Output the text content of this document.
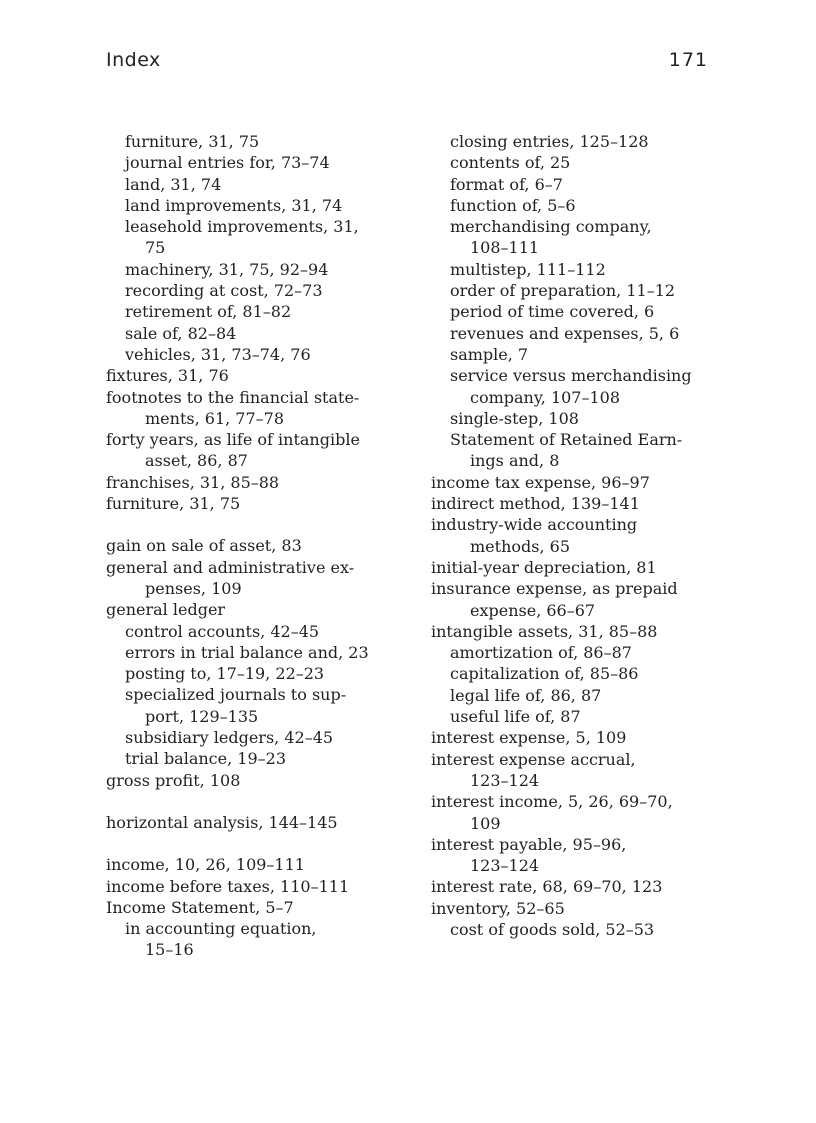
Index	171
furniture, 31, 75
journal entries for, 73–74
land, 31, 74
land improvements, 31, 74
leasehold improvements, 31,
75
machinery, 31, 75, 92–94
recording at cost, 72–73
retirement of, 81–82
sale of, 82–84
vehicles, 31, 73–74, 76
fixtures, 31, 76
footnotes to the financial state-
ments, 61, 77–78
forty years, as life of intangible
asset, 86, 87
franchises, 31, 85–88
furniture, 31, 75
gain on sale of asset, 83
general and administrative ex-
penses, 109
general ledger
control accounts, 42–45
errors in trial balance and, 23
posting to, 17–19, 22–23
specialized journals to sup-
port, 129–135
subsidiary ledgers, 42–45
trial balance, 19–23
gross profit, 108
horizontal analysis, 144–145
income, 10, 26, 109–111
income before taxes, 110–111
Income Statement, 5–7
in accounting equation,
15–16
closing entries, 125–128
contents of, 25
format of, 6–7
function of, 5–6
merchandising company,
108–111
multistep, 111–112
order of preparation, 11–12
period of time covered, 6
revenues and expenses, 5, 6
sample, 7
service versus merchandising
company, 107–108
single-step, 108
Statement of Retained Earn-
ings and, 8
income tax expense, 96–97
indirect method, 139–141
industry-wide accounting
methods, 65
initial-year depreciation, 81
insurance expense, as prepaid
expense, 66–67
intangible assets, 31, 85–88
amortization of, 86–87
capitalization of, 85–86
legal life of, 86, 87
useful life of, 87
interest expense, 5, 109
interest expense accrual,
123–124
interest income, 5, 26, 69–70,
109
interest payable, 95–96,
123–124
interest rate, 68, 69–70, 123
inventory, 52–65
cost of goods sold, 52–53
